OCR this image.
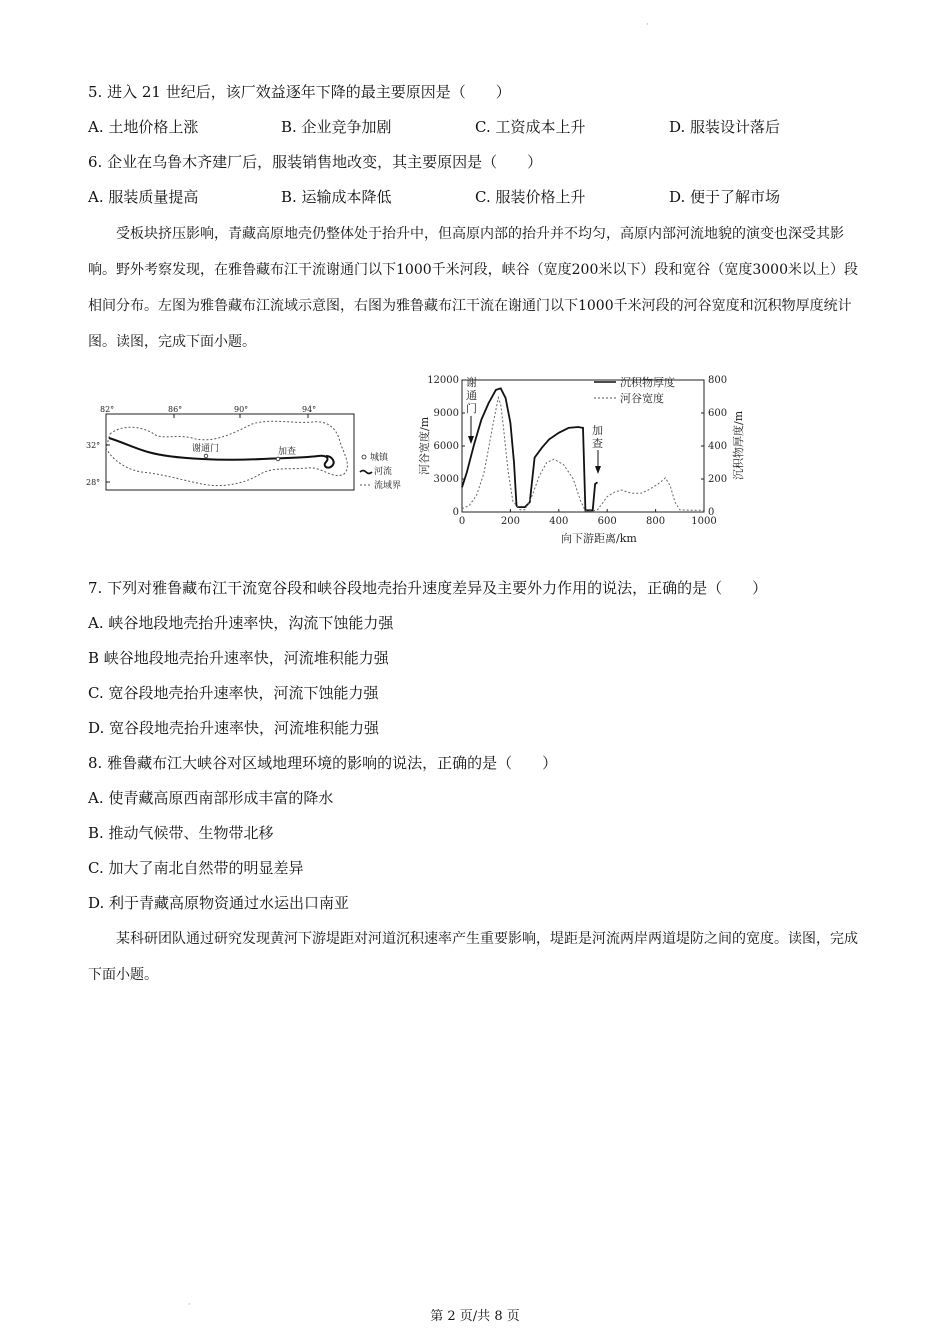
·
5. 进入 21 世纪后，该厂效益逐年下降的最主要原因是（　　）
A. 土地价格上涨	B. 企业竞争加剧	C. 工资成本上升	D. 服装设计落后
6. 企业在乌鲁木齐建厂后，服装销售地改变，其主要原因是（　　）
A. 服装质量提高	B. 运输成本降低	C. 服装价格上升	D. 便于了解市场
受板块挤压影响，青藏高原地壳仍整体处于抬升中，但高原内部的抬升并不均匀，高原内部河流地貌的演变也深受其影响。野外考察发现，在雅鲁藏布江干流谢通门以下1000千米河段，峡谷（宽度200米以下）段和宽谷（宽度3000米以上）段相间分布。左图为雅鲁藏布江流域示意图，右图为雅鲁藏布江干流在谢通门以下1000千米河段的河谷宽度和沉积物厚度统计图。读图，完成下面小题。
82°	86°	90°	94°
32°
28°
谢通门	加查
城镇
河流
流域界
0	200	400	600	800	1000
0
3000
6000
9000
12000
0
200
400
600
800
向下游距离/km
河谷宽度/m	沉积物厚度/m
沉积物厚度
河谷宽度
谢
通
门
加
查
7. 下列对雅鲁藏布江干流宽谷段和峡谷段地壳抬升速度差异及主要外力作用的说法，正确的是（　　）
A. 峡谷地段地壳抬升速率快，沟流下蚀能力强
B 峡谷地段地壳抬升速率快，河流堆积能力强
C. 宽谷段地壳抬升速率快，河流下蚀能力强
D. 宽谷段地壳抬升速率快，河流堆积能力强
8. 雅鲁藏布江大峡谷对区域地理环境的影响的说法，正确的是（　　）
A. 使青藏高原西南部形成丰富的降水
B. 推动气候带、生物带北移
C. 加大了南北自然带的明显差异
D. 利于青藏高原物资通过水运出口南亚
某科研团队通过研究发现黄河下游堤距对河道沉积速率产生重要影响，堤距是河流两岸两道堤防之间的宽度。读图，完成下面小题。
·
第 2 页/共 8 页
